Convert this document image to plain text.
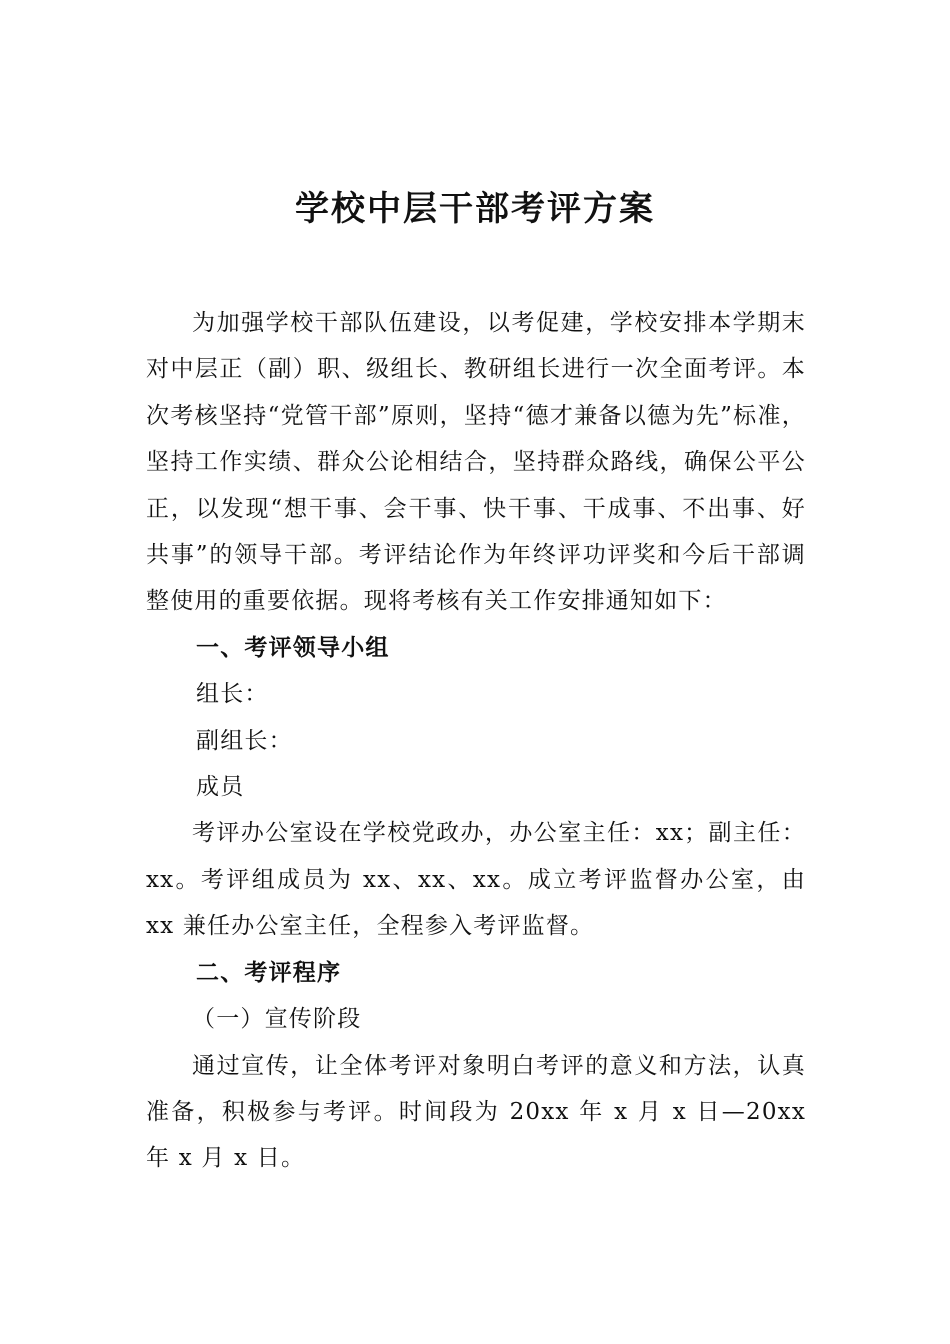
学校中层干部考评方案

为加强学校干部队伍建设，以考促建，学校安排本学期末对中层正（副）职、级组长、教研组长进行一次全面考评。本次考核坚持“党管干部”原则，坚持“德才兼备以德为先”标准，坚持工作实绩、群众公论相结合，坚持群众路线，确保公平公正，以发现“想干事、会干事、快干事、干成事、不出事、好共事”的领导干部。考评结论作为年终评功评奖和今后干部调整使用的重要依据。现将考核有关工作安排通知如下：

一、考评领导小组

组长：

副组长：

成员

考评办公室设在学校党政办，办公室主任：xx；副主任：xx。考评组成员为 xx、xx、xx。成立考评监督办公室，由 xx 兼任办公室主任，全程参入考评监督。

二、考评程序

（一）宣传阶段

通过宣传，让全体考评对象明白考评的意义和方法，认真准备，积极参与考评。时间段为 20xx 年 x 月 x 日—20xx 年 x 月 x 日。
